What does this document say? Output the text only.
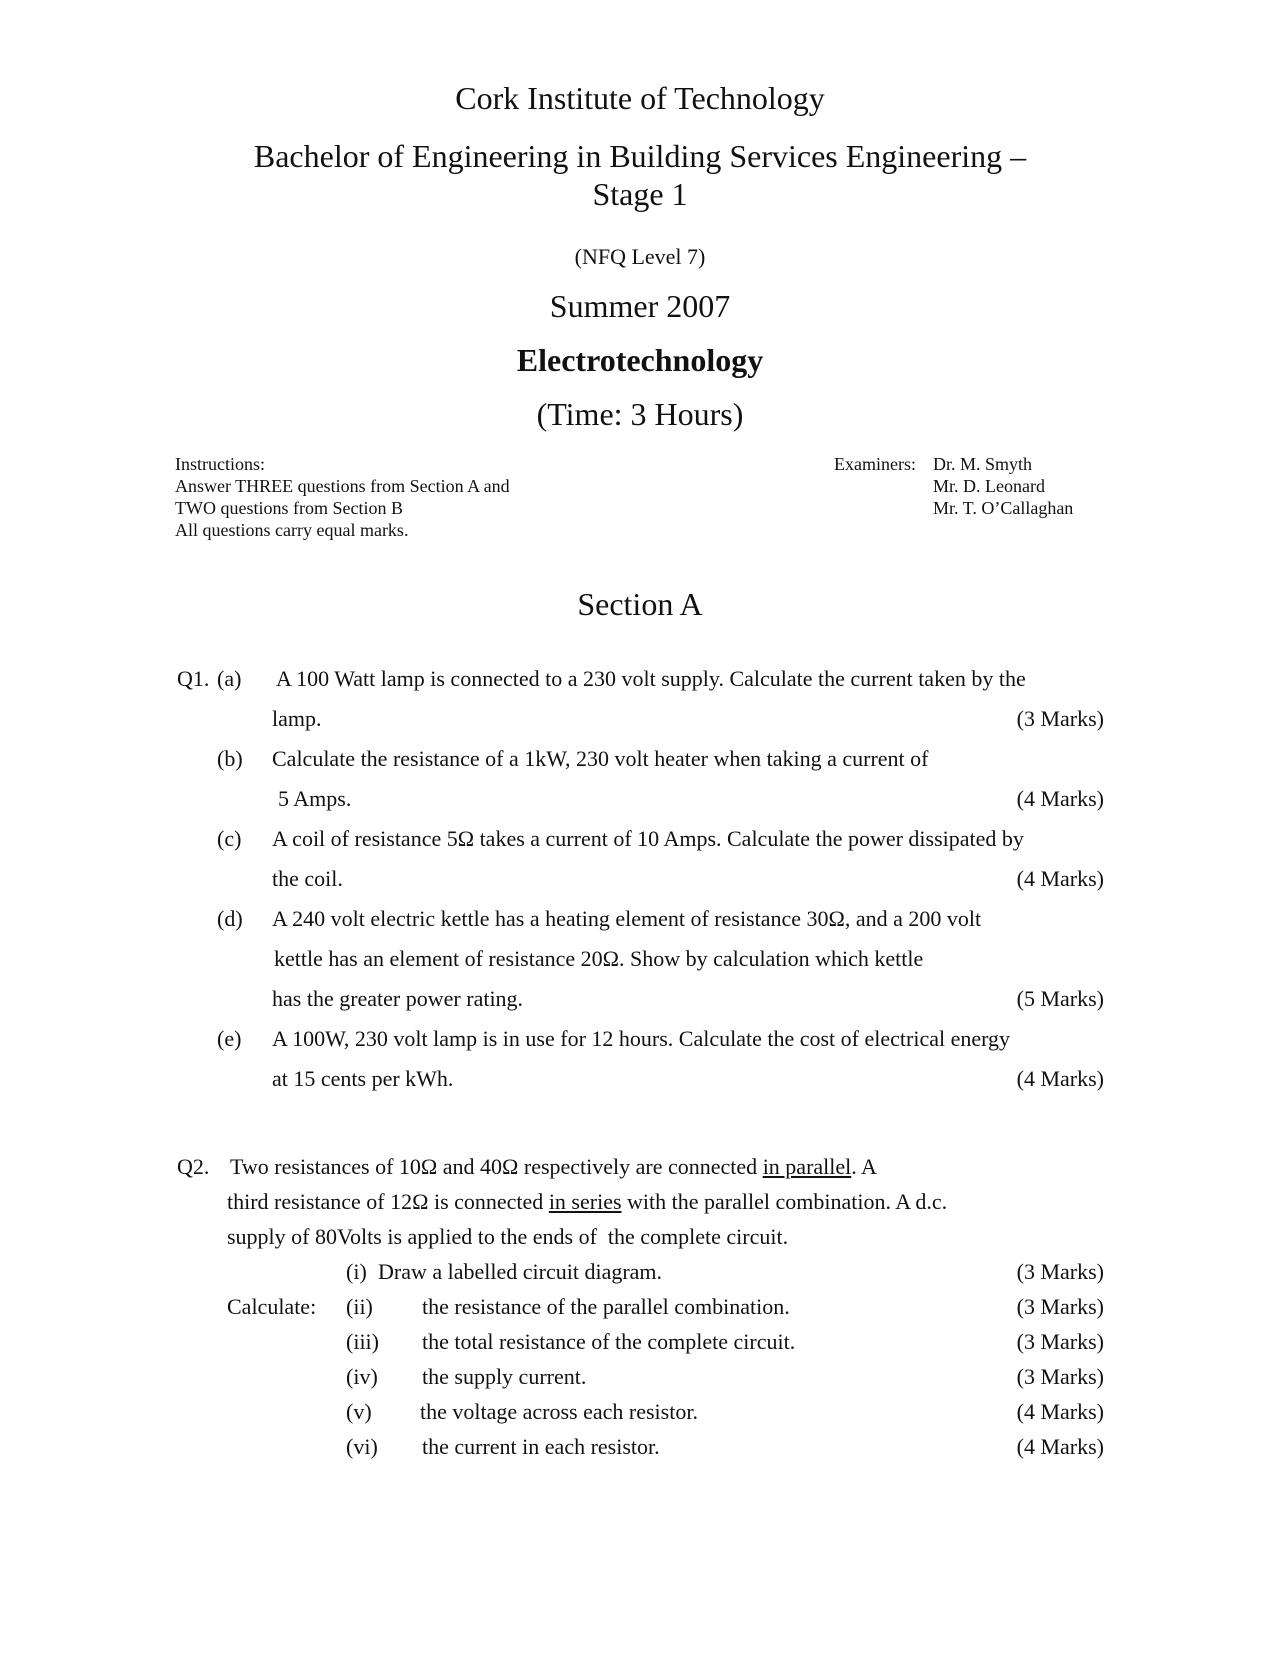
Cork Institute of Technology
Bachelor of Engineering in Building Services Engineering –
Stage 1
(NFQ Level 7)
Summer 2007
Electrotechnology
(Time: 3 Hours)
Instructions:
Answer THREE questions from Section A and
TWO questions from Section B
All questions carry equal marks.
Examiners: Dr. M. Smyth
Mr. D. Leonard
Mr. T. O’Callaghan
Section A
Q1. (a) A 100 Watt lamp is connected to a 230 volt supply. Calculate the current taken by the
lamp.	(3 Marks)
(b) Calculate the resistance of a 1kW, 230 volt heater when taking a current of
5 Amps.	(4 Marks)
(c) A coil of resistance 5Ω takes a current of 10 Amps. Calculate the power dissipated by
the coil.	(4 Marks)
(d) A 240 volt electric kettle has a heating element of resistance 30Ω, and a 200 volt
kettle has an element of resistance 20Ω. Show by calculation which kettle
has the greater power rating.	(5 Marks)
(e) A 100W, 230 volt lamp is in use for 12 hours. Calculate the cost of electrical energy
at 15 cents per kWh.	(4 Marks)
Q2. Two resistances of 10Ω and 40Ω respectively are connected in parallel. A
third resistance of 12Ω is connected in series with the parallel combination. A d.c.
supply of 80Volts is applied to the ends of  the complete circuit.
(i) Draw a labelled circuit diagram.	(3 Marks)
Calculate: (ii) the resistance of the parallel combination.	(3 Marks)
(iii) the total resistance of the complete circuit.	(3 Marks)
(iv) the supply current.	(3 Marks)
(v) the voltage across each resistor.	(4 Marks)
(vi) the current in each resistor.	(4 Marks)
